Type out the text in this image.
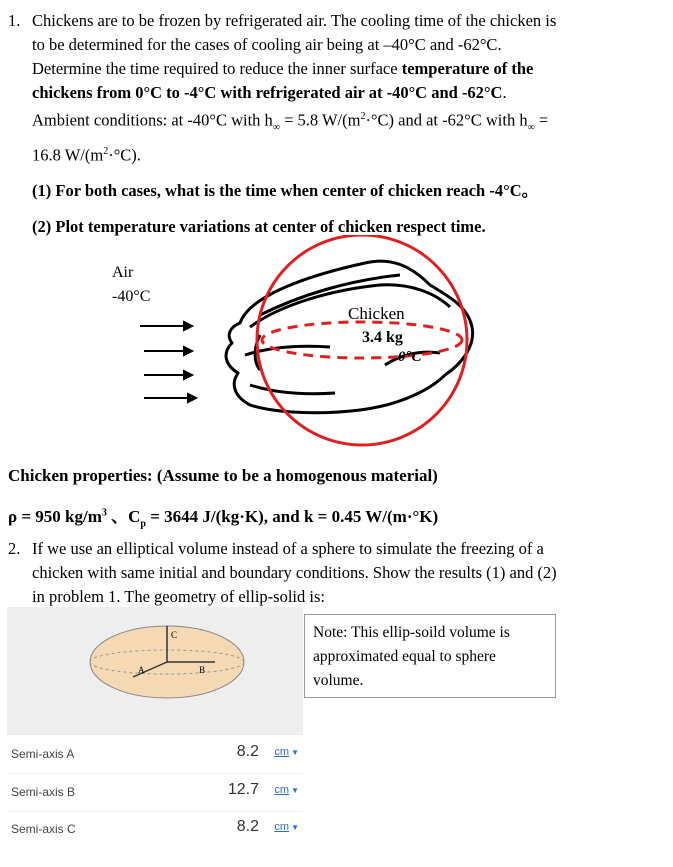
1. Chickens are to be frozen by refrigerated air. The cooling time of the chicken is
to be determined for the cases of cooling air being at –40°C and -62°C.
Determine the time required to reduce the inner surface temperature of the
chickens from 0°C to -4°C with refrigerated air at -40°C and -62°C.
Ambient conditions: at -40°C with $h_\infty = 5.8$ $W/(m^2\cdot^\circ C)$ and at -62°C with $h_\infty$ =
16.8 $W/(m^2\cdot^\circ C)$.
(1) For both cases, what is the time when center of chicken reach -4°C。
(2) Plot temperature variations at center of chicken respect time.
Air
-40°C
Chicken
3.4 kg
0°C
Chicken properties: (Assume to be a homogenous material)
ρ = 950 $kg/m^3$ 、$C_p = 3644$ J/(kg·K), and k = 0.45 W/(m·°K)
2. If we use an elliptical volume instead of a sphere to simulate the freezing of a
chicken with same initial and boundary conditions. Show the results (1) and (2)
in problem 1. The geometry of ellip-solid is:
C
A	B
Note: This ellip-soild volume is approximated equal to sphere volume.
Semi-axis A	8.2 cm ▼
Semi-axis B	12.7 cm ▼
Semi-axis C	8.2 cm ▼
